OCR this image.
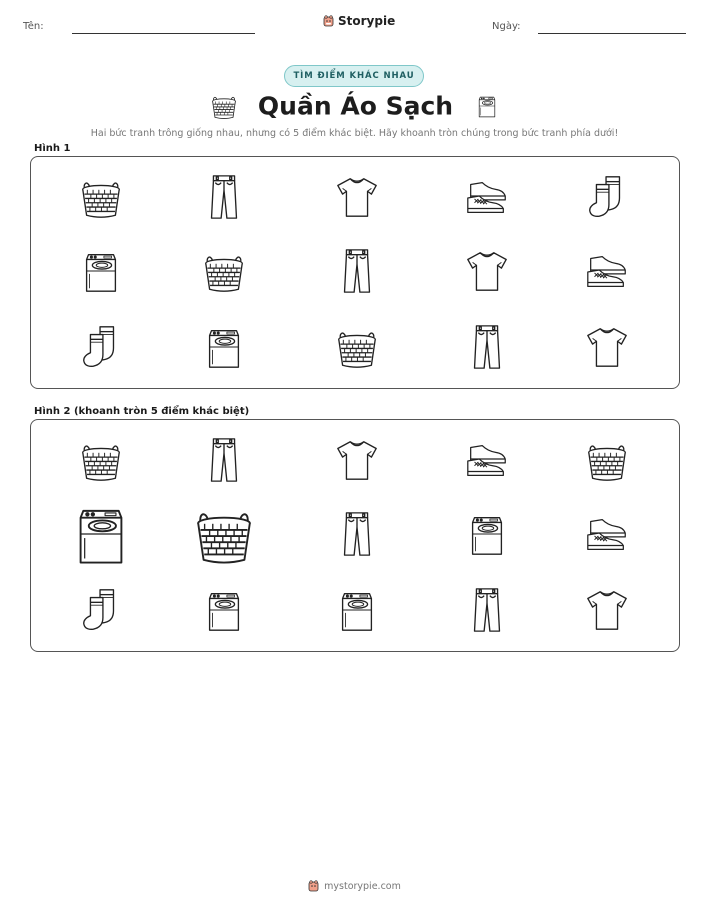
Tên:	Storypie	Ngày:
TÌM ĐIỂM KHÁC NHAU
Quần Áo Sạch
Hai bức tranh trông giống nhau, nhưng có 5 điểm khác biệt. Hãy khoanh tròn chúng trong bức tranh phía dưới!
Hình 1
Hình 2 (khoanh tròn 5 điểm khác biệt)
mystorypie.com
